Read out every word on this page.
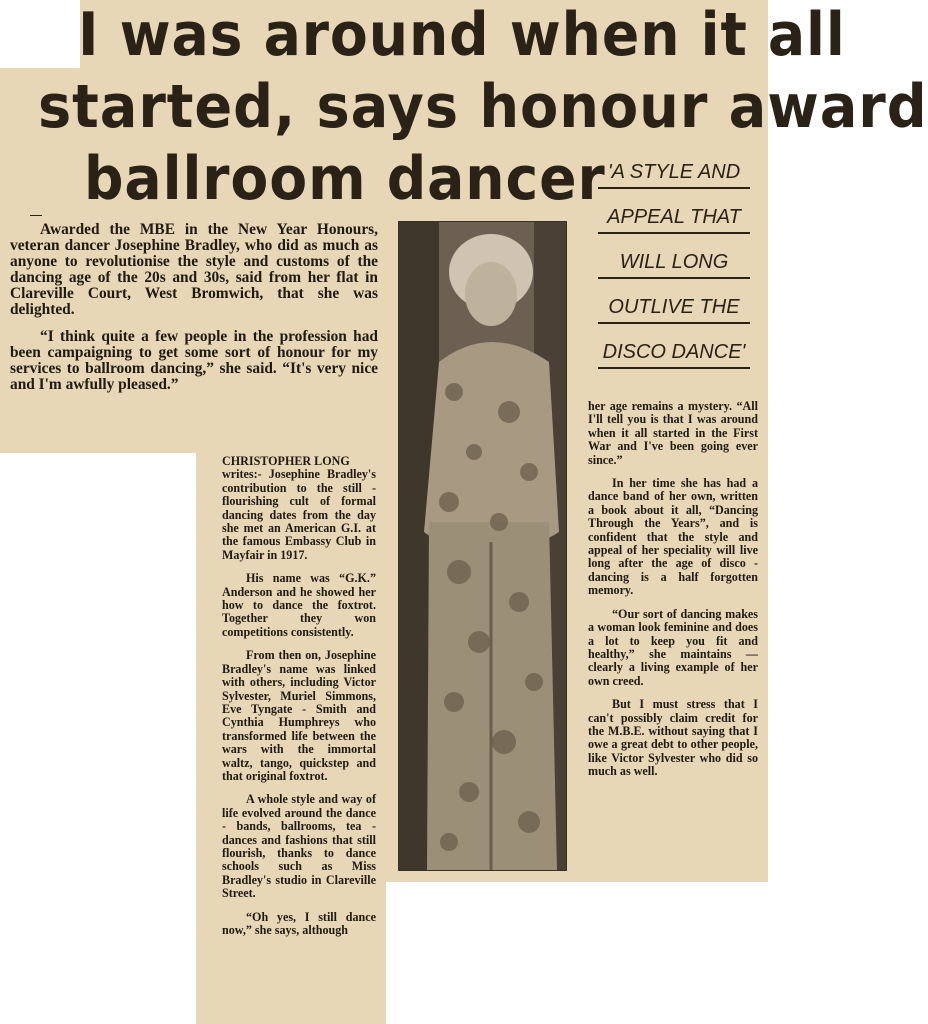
I was around when it all
started, says honour award
ballroom dancer 'A STYLE AND
APPEAL THAT
WILL LONG
OUTLIVE THE
DISCO DANCE'

Awarded the MBE in the New Year Honours, veteran dancer Josephine Bradley, who did as much as anyone to revolutionise the style and customs of the dancing age of the 20s and 30s, said from her flat in Clareville Court, West Bromwich, that she was delighted.

“I think quite a few people in the profession had been campaigning to get some sort of honour for my services to ballroom dancing,” she said. “It's very nice and I'm awfully pleased.”

CHRISTOPHER LONG
writes:- Josephine Bradley's contribution to the still - flourishing cult of formal dancing dates from the day she met an American G.I. at the famous Embassy Club in Mayfair in 1917.

His name was “G.K.” Anderson and he showed her how to dance the foxtrot. Together they won competitions consistently.

From then on, Josephine Bradley's name was linked with others, including Victor Sylvester, Muriel Simmons, Eve Tyngate - Smith and Cynthia Humphreys who transformed life between the wars with the immortal waltz, tango, quickstep and that original foxtrot.

A whole style and way of life evolved around the dance - bands, ballrooms, tea - dances and fashions that still flourish, thanks to dance schools such as Miss Bradley's studio in Clareville Street.

“Oh yes, I still dance now,” she says, although

her age remains a mystery. “All I'll tell you is that I was around when it all started in the First War and I've been going ever since.”

In her time she has had a dance band of her own, written a book about it all, “Dancing Through the Years”, and is confident that the style and appeal of her speciality will live long after the age of disco - dancing is a half forgotten memory.

“Our sort of dancing makes a woman look feminine and does a lot to keep you fit and healthy,” she maintains — clearly a living example of her own creed.

But I must stress that I can't possibly claim credit for the M.B.E. without saying that I owe a great debt to other people, like Victor Sylvester who did so much as well.
